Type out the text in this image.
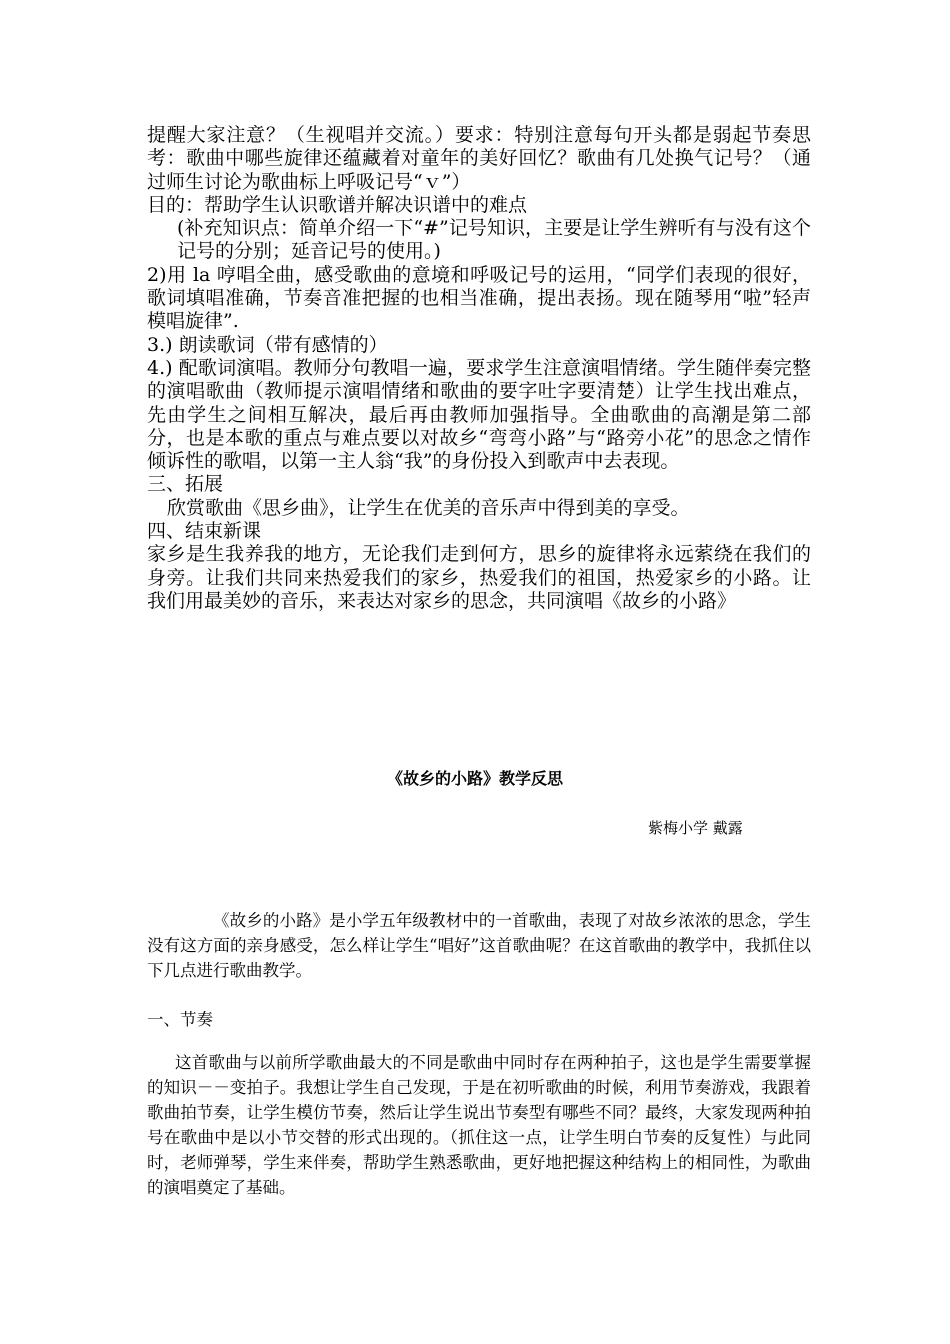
提醒大家注意？（生视唱并交流。）要求：特别注意每句开头都是弱起节奏思考：歌曲中哪些旋律还蕴藏着对童年的美好回忆？歌曲有几处换气记号？（通过师生讨论为歌曲标上呼吸记号“ｖ”）

目的：帮助学生认识歌谱并解决识谱中的难点

(补充知识点：简单介绍一下“#”记号知识，主要是让学生辨听有与没有这个记号的分别；延音记号的使用。)

2)用 la 哼唱全曲，感受歌曲的意境和呼吸记号的运用，“同学们表现的很好，歌词填唱准确，节奏音准把握的也相当准确，提出表扬。现在随琴用“啦”轻声模唱旋律”.

3.) 朗读歌词（带有感情的）

4.) 配歌词演唱。教师分句教唱一遍，要求学生注意演唱情绪。学生随伴奏完整的演唱歌曲（教师提示演唱情绪和歌曲的要字吐字要清楚）让学生找出难点，先由学生之间相互解决，最后再由教师加强指导。全曲歌曲的高潮是第二部分，也是本歌的重点与难点要以对故乡“弯弯小路”与“路旁小花”的思念之情作倾诉性的歌唱，以第一主人翁“我”的身份投入到歌声中去表现。

三、拓展

欣赏歌曲《思乡曲》，让学生在优美的音乐声中得到美的享受。

四、结束新课

家乡是生我养我的地方，无论我们走到何方，思乡的旋律将永远萦绕在我们的身旁。让我们共同来热爱我们的家乡，热爱我们的祖国，热爱家乡的小路。让我们用最美妙的音乐，来表达对家乡的思念，共同演唱《故乡的小路》

《故乡的小路》教学反思
紫梅小学 戴露

《故乡的小路》是小学五年级教材中的一首歌曲，表现了对故乡浓浓的思念，学生没有这方面的亲身感受，怎么样让学生“唱好”这首歌曲呢？在这首歌曲的教学中，我抓住以下几点进行歌曲教学。

一、节奏

这首歌曲与以前所学歌曲最大的不同是歌曲中同时存在两种拍子，这也是学生需要掌握的知识－－变拍子。我想让学生自己发现，于是在初听歌曲的时候，利用节奏游戏，我跟着歌曲拍节奏，让学生模仿节奏，然后让学生说出节奏型有哪些不同？最终，大家发现两种拍号在歌曲中是以小节交替的形式出现的。（抓住这一点，让学生明白节奏的反复性）与此同时，老师弹琴，学生来伴奏，帮助学生熟悉歌曲，更好地把握这种结构上的相同性，为歌曲的演唱奠定了基础。
